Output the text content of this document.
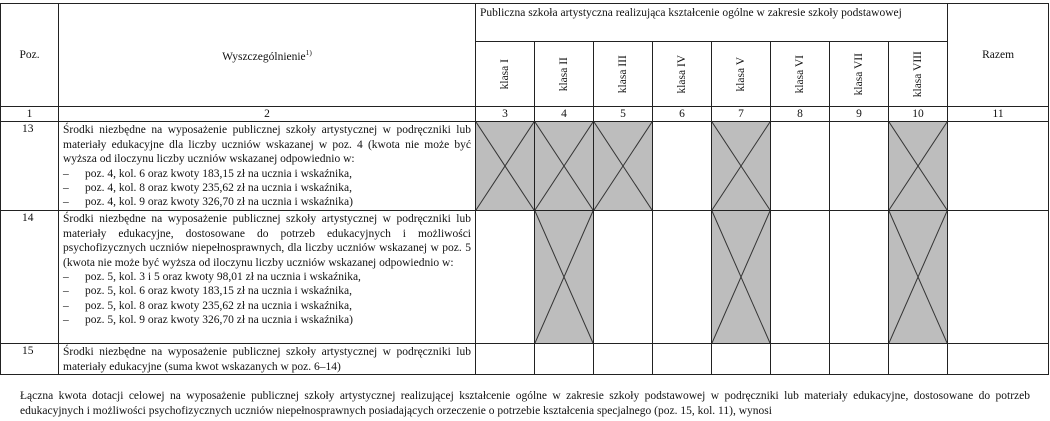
Poz.	Wyszczególnienie$^{1)}$	Publiczna szkoła artystyczna realizująca kształcenie ogólne w zakresie szkoły podstawowej								Razem
		klasa I	klasa II	klasa III	klasa IV	klasa V	klasa VI	klasa VII	klasa VIII	
1	2	3	4	5	6	7	8	9	10	11
13	Środki niezbędne na wyposażenie publicznej szkoły artystycznej w podręczniki lub materiały edukacyjne dla liczby uczniów wskazanej w poz. 4 (kwota nie może być wyższa od iloczynu liczby uczniów wskazanej odpowiednio w:
– poz. 4, kol. 6 oraz kwoty 183,15 zł na ucznia i wskaźnika,
– poz. 4, kol. 8 oraz kwoty 235,62 zł na ucznia i wskaźnika,
– poz. 4, kol. 9 oraz kwoty 326,70 zł na ucznia i wskaźnika)

14	Środki niezbędne na wyposażenie publicznej szkoły artystycznej w podręczniki lub materiały edukacyjne, dostosowane do potrzeb edukacyjnych i możliwości psychofizycznych uczniów niepełnosprawnych, dla liczby uczniów wskazanej w poz. 5 (kwota nie może być wyższa od iloczynu liczby uczniów wskazanej odpowiednio w:
– poz. 5, kol. 3 i 5 oraz kwoty 98,01 zł na ucznia i wskaźnika,
– poz. 5, kol. 6 oraz kwoty 183,15 zł na ucznia i wskaźnika,
– poz. 5, kol. 8 oraz kwoty 235,62 zł na ucznia i wskaźnika,
– poz. 5, kol. 9 oraz kwoty 326,70 zł na ucznia i wskaźnika)

15	Środki niezbędne na wyposażenie publicznej szkoły artystycznej w podręczniki lub materiały edukacyjne (suma kwot wskazanych w poz. 6–14)									
Łączna kwota dotacji celowej na wyposażenie publicznej szkoły artystycznej realizującej kształcenie ogólne w zakresie szkoły podstawowej w podręczniki lub materiały edukacyjne, dostosowane do potrzeb edukacyjnych i możliwości psychofizycznych uczniów niepełnosprawnych posiadających orzeczenie o potrzebie kształcenia specjalnego (poz. 15, kol. 11), wynosi
